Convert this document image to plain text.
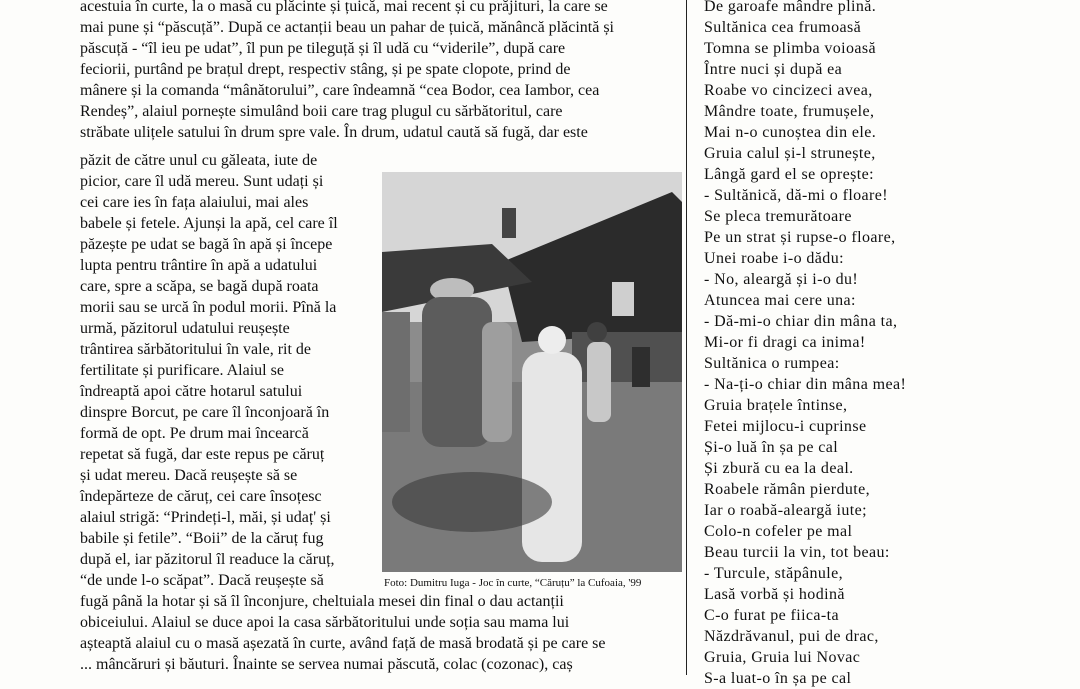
acestuia în curte, la o masă cu plăcinte și țuică, mai recent și cu prăjituri, la care se
mai pune și “păscuță”. După ce actanții beau un pahar de țuică, mănâncă plăcintă și
păscuță - “îl ieu pe udat”, îl pun pe tileguță și îl udă cu “viderile”, după care
feciorii, purtând pe brațul drept, respectiv stâng, și pe spate clopote, prind de
mânere și la comanda “mânătorului”, care îndeamnă “cea Bodor, cea Iambor, cea
Rendeș”, alaiul pornește simulând boii care trag plugul cu sărbătoritul, care
străbate ulițele satului în drum spre vale. În drum, udatul caută să fugă, dar este
păzit de către unul cu găleata, iute de
picior, care îl udă mereu. Sunt udați și
cei care ies în fața alaiului, mai ales
babele și fetele. Ajunși la apă, cel care îl
păzește pe udat se bagă în apă și începe
lupta pentru trântire în apă a udatului
care, spre a scăpa, se bagă după roata
morii sau se urcă în podul morii. Pînă la
urmă, păzitorul udatului reușește
trântirea sărbătoritului în vale, rit de
fertilitate și purificare. Alaiul se
îndreaptă apoi către hotarul satului
dinspre Borcut, pe care îl înconjoară în
formă de opt. Pe drum mai încearcă
repetat să fugă, dar este repus pe căruț
și udat mereu. Dacă reușește să se
îndepărteze de căruț, cei care însoțesc
alaiul strigă: “Prindeți-l, măi, și udaț' și
babile și fetile”. “Boii” de la căruț fug
după el, iar păzitorul îl readuce la căruț,
“de unde l-o scăpat”. Dacă reușește să
fugă până la hotar și să îl înconjure, cheltuiala mesei din final o dau actanții
obiceiului. Alaiul se duce apoi la casa sărbătoritului unde soția sau mama lui
așteaptă alaiul cu o masă așezată în curte, având față de masă brodată și pe care se
... mâncăruri și băuturi. Înainte se servea numai păscută, colac (cozonac), caș
Foto: Dumitru Iuga - Joc în curte, “Căruțu” la Cufoaia, '99
De garoafe mândre plină.
Sultănica cea frumoasă
Tomna se plimba voioasă
Între nuci și după ea
Roabe vo cincizeci avea,
Mândre toate, frumușele,
Mai n-o cunoștea din ele.
Gruia calul și-l strunește,
Lângă gard el se oprește:
- Sultănică, dă-mi o floare!
Se pleca tremurătoare
Pe un strat și rupse-o floare,
Unei roabe i-o dădu:
- No, aleargă și i-o du!
Atuncea mai cere una:
- Dă-mi-o chiar din mâna ta,
Mi-or fi dragi ca inima!
Sultănica o rumpea:
- Na-ți-o chiar din mâna mea!
Gruia brațele întinse,
Fetei mijlocu-i cuprinse
Și-o luă în șa pe cal
Și zbură cu ea la deal.
Roabele rămân pierdute,
Iar o roabă-aleargă iute;
Colo-n cofeler pe mal
Beau turcii la vin, tot beau:
- Turcule, stăpânule,
Lasă vorbă și hodină
C-o furat pe fiica-ta
Năzdrăvanul, pui de drac,
Gruia, Gruia lui Novac
S-a luat-o în șa pe cal
